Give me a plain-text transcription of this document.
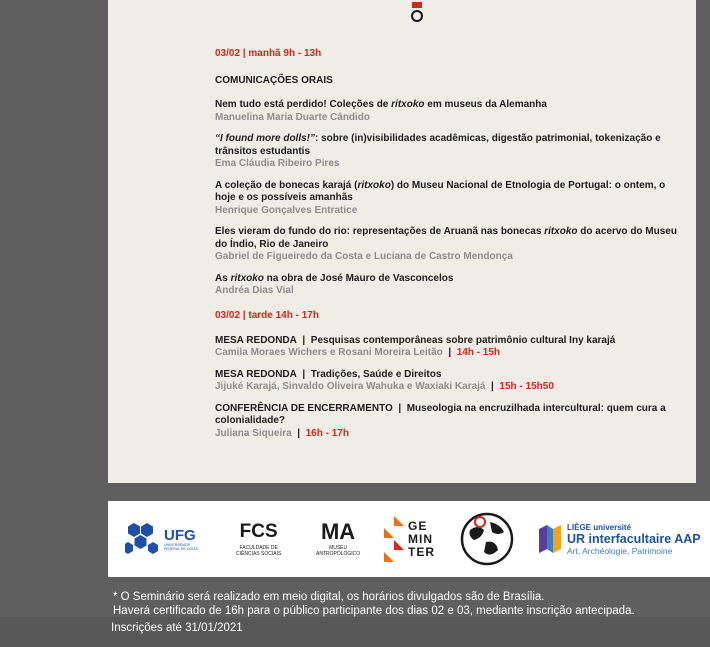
03/02 | manhã 9h - 13h
COMUNICAÇÕES ORAIS
Nem tudo está perdido! Coleções de ritxoko em museus da Alemanha
Manuelina Maria Duarte Cândido
“I found more dolls!”: sobre (in)visibilidades acadêmicas, digestão patrimonial, tokenização e trânsitos estudantis
Ema Cláudia Ribeiro Pires
A coleção de bonecas karajá (ritxoko) do Museu Nacional de Etnologia de Portugal: o ontem, o hoje e os possíveis amanhãs
Henrique Gonçalves Entratice
Eles vieram do fundo do rio: representações de Aruanã nas bonecas ritxoko do acervo do Museu do Índio, Rio de Janeiro
Gabriel de Figueiredo da Costa e Luciana de Castro Mendonça
As ritxoko na obra de José Mauro de Vasconcelos
Andréa Dias Vial
03/02 | tarde 14h - 17h
MESA REDONDA  |  Pesquisas contemporâneas sobre patrimônio cultural Iny karajá
Camila Moraes Wichers e Rosani Moreira Leitão  |  14h - 15h
MESA REDONDA  |  Tradições, Saúde e Direitos
Jijuké Karajá, Sinvaldo Oliveira Wahuka e Waxiaki Karajá  |  15h - 15h50
CONFERÊNCIA DE ENCERRAMENTO  |  Museologia na encruzilhada intercultural: quem cura a colonialidade?
Juliana Siqueira  |  16h - 17h
UFG
UNIVERSIDADE FEDERAL DE GOIÁS
FCS
FACULDADE DE
CIÊNCIAS SOCIAIS
MA
MUSEU
ANTROPOLÓGICO
GE
MIN
TER
LIÈGE université
UR interfacultaire AAP
Art, Archéologie, Patrimoine
* O Seminário será realizado em meio digital, os horários divulgados são de Brasília.
Haverá certificado de 16h para o público participante dos dias 02 e 03, mediante inscrição antecipada.
Inscrições até 31/01/2021
